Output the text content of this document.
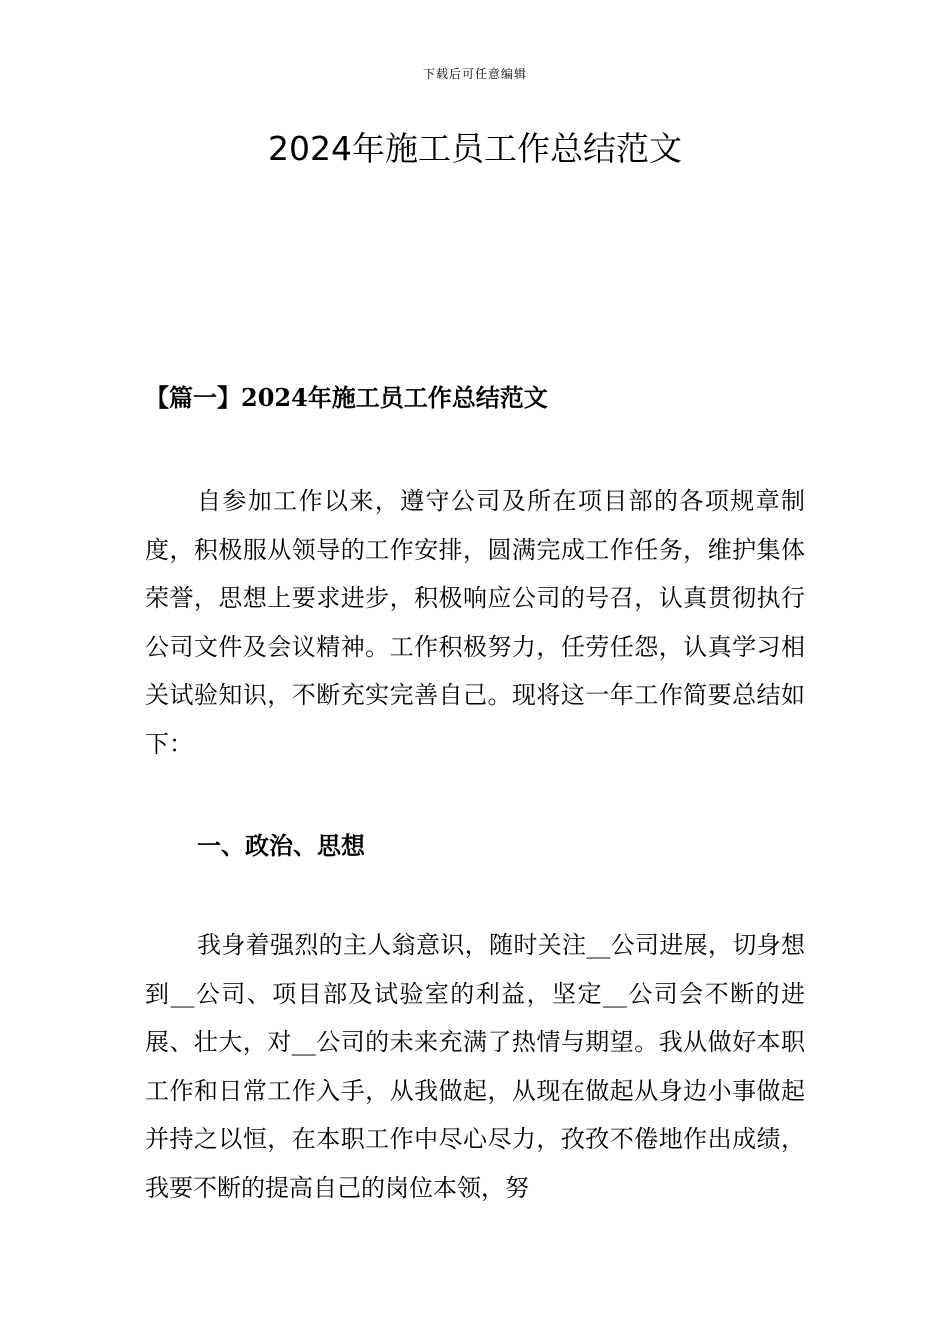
下载后可任意编辑
2024年施工员工作总结范文
【篇一】2024年施工员工作总结范文

自参加工作以来，遵守公司及所在项目部的各项规章制度，积极服从领导的工作安排，圆满完成工作任务，维护集体荣誉，思想上要求进步，积极响应公司的号召，认真贯彻执行公司文件及会议精神。工作积极努力，任劳任怨，认真学习相关试验知识，不断充实完善自己。现将这一年工作简要总结如下：

一、政治、思想

我身着强烈的主人翁意识，随时关注__公司进展，切身想到__公司、项目部及试验室的利益，坚定__公司会不断的进展、壮大，对__公司的未来充满了热情与期望。我从做好本职工作和日常工作入手，从我做起，从现在做起从身边小事做起并持之以恒，在本职工作中尽心尽力，孜孜不倦地作出成绩，我要不断的提高自己的岗位本领，努
